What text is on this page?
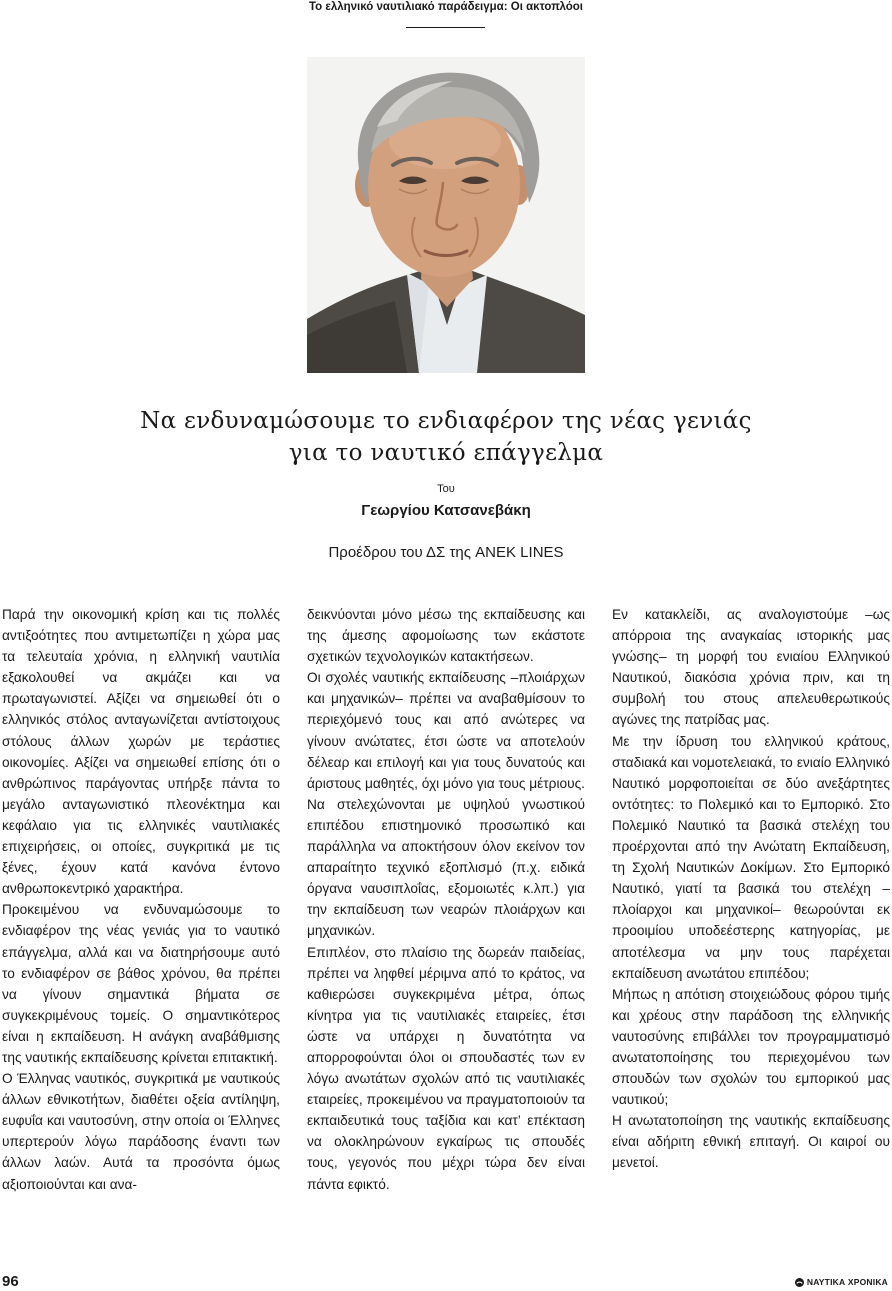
Το ελληνικό ναυτιλιακό παράδειγμα: Οι ακτοπλόοι
Να ενδυναμώσουμε το ενδιαφέρον της νέας γενιάς
για το ναυτικό επάγγελμα
Του
Γεωργίου Κατσανεβάκη
Προέδρου του ΔΣ της ANEK LINES

Παρά την οικονομική κρίση και τις πολλές αντιξοότητες που αντιμετωπίζει η χώρα μας τα τελευταία χρόνια, η ελληνική ναυτιλία εξακολουθεί να ακμάζει και να πρωταγωνιστεί. Αξίζει να σημειωθεί ότι ο ελληνικός στόλος ανταγωνίζεται αντίστοιχους στόλους άλλων χωρών με τεράστιες οικονομίες. Αξίζει να σημειωθεί επίσης ότι ο ανθρώπινος παράγοντας υπήρξε πάντα το μεγάλο ανταγωνιστικό πλεονέκτημα και κεφάλαιο για τις ελληνικές ναυτιλιακές επιχειρήσεις, οι οποίες, συγκριτικά με τις ξένες, έχουν κατά κανόνα έντονο ανθρωποκεντρικό χαρακτήρα.

Προκειμένου να ενδυναμώσουμε το ενδιαφέρον της νέας γενιάς για το ναυτικό επάγγελμα, αλλά και να διατηρήσουμε αυτό το ενδιαφέρον σε βάθος χρόνου, θα πρέπει να γίνουν σημαντικά βήματα σε συγκεκριμένους τομείς. Ο σημαντικότερος είναι η εκπαίδευση. Η ανάγκη αναβάθμισης της ναυτικής εκπαίδευσης κρίνεται επιτακτική.

Ο Έλληνας ναυτικός, συγκριτικά με ναυτικούς άλλων εθνικοτήτων, διαθέτει οξεία αντίληψη, ευφυΐα και ναυτοσύνη, στην οποία οι Έλληνες υπερτερούν λόγω παράδοσης έναντι των άλλων λαών. Αυτά τα προσόντα όμως αξιοποιούνται και ανα-

δεικνύονται μόνο μέσω της εκπαίδευσης και της άμεσης αφομοίωσης των εκάστοτε σχετικών τεχνολογικών κατακτήσεων.

Οι σχολές ναυτικής εκπαίδευσης –πλοιάρχων και μηχανικών– πρέπει να αναβαθμίσουν το περιεχόμενό τους και από ανώτερες να γίνουν ανώτατες, έτσι ώστε να αποτελούν δέλεαρ και επιλογή και για τους δυνατούς και άριστους μαθητές, όχι μόνο για τους μέτριους. Να στελεχώνονται με υψηλού γνωστικού επιπέδου επιστημονικό προσωπικό και παράλληλα να αποκτήσουν όλον εκείνον τον απαραίτητο τεχνικό εξοπλισμό (π.χ. ειδικά όργανα ναυσιπλοΐας, εξομοιωτές κ.λπ.) για την εκπαίδευση των νεαρών πλοιάρχων και μηχανικών.

Επιπλέον, στο πλαίσιο της δωρεάν παιδείας, πρέπει να ληφθεί μέριμνα από το κράτος, να καθιερώσει συγκεκριμένα μέτρα, όπως κίνητρα για τις ναυτιλιακές εταιρείες, έτσι ώστε να υπάρχει η δυνατότητα να απορροφούνται όλοι οι σπουδαστές των εν λόγω ανωτάτων σχολών από τις ναυτιλιακές εταιρείες, προκειμένου να πραγματοποιούν τα εκπαιδευτικά τους ταξίδια και κατ’ επέκταση να ολοκληρώνουν εγκαίρως τις σπουδές τους, γεγονός που μέχρι τώρα δεν είναι πάντα εφικτό.

Εν κατακλείδι, ας αναλογιστούμε –ως απόρροια της αναγκαίας ιστορικής μας γνώσης– τη μορφή του ενιαίου Ελληνικού Ναυτικού, διακόσια χρόνια πριν, και τη συμβολή του στους απελευθερωτικούς αγώνες της πατρίδας μας.

Με την ίδρυση του ελληνικού κράτους, σταδιακά και νομοτελειακά, το ενιαίο Ελληνικό Ναυτικό μορφοποιείται σε δύο ανεξάρτητες οντότητες: το Πολεμικό και το Εμπορικό. Στο Πολεμικό Ναυτικό τα βασικά στελέχη του προέρχονται από την Ανώτατη Εκπαίδευση, τη Σχολή Ναυτικών Δοκίμων. Στο Εμπορικό Ναυτικό, γιατί τα βασικά του στελέχη –πλοίαρχοι και μηχανικοί– θεωρούνται εκ προοιμίου υποδεέστερης κατηγορίας, με αποτέλεσμα να μην τους παρέχεται εκπαίδευση ανωτάτου επιπέδου;

Μήπως η απότιση στοιχειώδους φόρου τιμής και χρέους στην παράδοση της ελληνικής ναυτοσύνης επιβάλλει τον προγραμματισμό ανωτατοποίησης του περιεχομένου των σπουδών των σχολών του εμπορικού μας ναυτικού;

Η ανωτατοποίηση της ναυτικής εκπαίδευσης είναι αδήριτη εθνική επιταγή. Οι καιροί ου μενετοί.

96	ΝΑΥΤΙΚΑ ΧΡΟΝΙΚΑ
